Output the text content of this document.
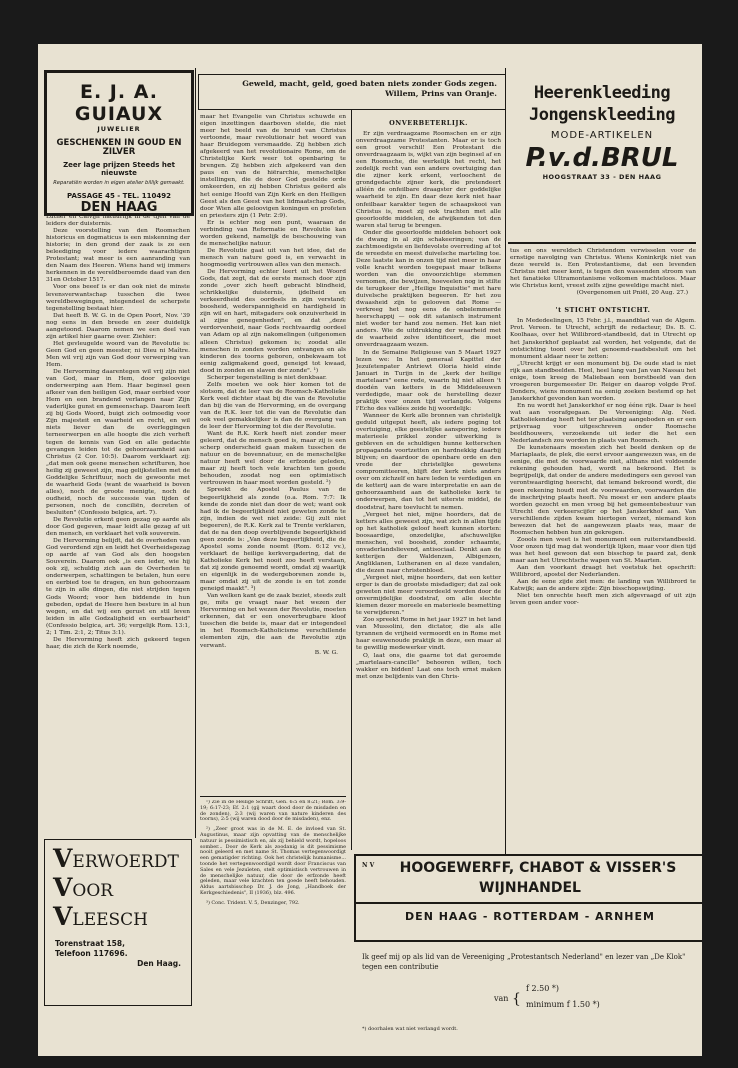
E. J. A. GUIAUX
JUWELIER
GESCHENKEN IN GOUD EN ZILVER
Zeer lage prijzen Steeds het nieuwste
Reparatiën worden in eigen atelier billijk gemaakt.
PASSAGE 45 - TEL. 110492
DEN HAAG
Geweld, macht, geld, goed baten niets zonder Gods zegen.
Willem, Prins van Oranje.

Luther en Calvijn natuurlijk in de tijen van de leiders der duisternis.

Deze voorstelling van den Roomschen historicus en dogmaticus is een miskenning der historie; in den grond der zaak is ze een beleediging voor iedere waarachtigen Protestant; wat meer is een aanranding van den Naam des Heeren. Wiens hand wij immers herkennen in de wereldberoemde daad van den 31en October 1517.

Voor ons beeef is er dan ook niet de minste levensverwantschap tusschen die twee wereldbewegingen, integendeel de scherpste tegenstelling bestaat hier.

Dat heeft B. W. G. in de Open Poort, Nov. '39 nog eens in den breede en zeer duidelijk aangetoond. Daarom nemen we een deel van zijn artikel hier gaarne over. Ziehier:

Het gevleugelde woord van de Revolutie is: Geen God en geen meester, ni Dieu ni Maître. Men wil vrij zijn van God door verwerping van Hem.

De Hervorming daarentegen wil vrij zijn niet van God, maar in Hem, door geloovige onderwerping aan Hem. Haar beginsel geen afkeer van den heiligen God, maar eerbied voor Hem en een brandend verlangen naar Zijn vaderlijke gunst en gemeenschap. Daarom leeft zij bij Gods Woord, buigt zich ootmoedig voor Zijn majesteit en waarheid en recht, en wil niets liever dan de overleggingen terneerwerpen en alle hoogte die zich verheft tegen de kennis van God en alle gedachte gevangen leiden tot de gehoorzaamheid aan Christus (2 Cor. 10:5). Daarom verklaart zij: „dat men ook geene menschen schrifturen, hoe heilig zij geweest zijn, mag gelijkstellen met de Goddelijke Schriftuur, noch de gewoonte met de waarheid Gods (want de waarheid is boven alles), noch de groote menigte, noch de oudheid, noch de successie van tijden of personen, noch de conciliën, decreten of besluiten" (Confessio belgica, art. 7).

De Revolutie erkent geen gezag op aarde als door God gegeven, maar leidt alle gezag af uit den mensch, en verklaart het volk souverein.

De Hervorming belijdt, dat de overheden van God verordend zijn en leidt het Overheidsgezag op aarde af van God als den hoogsten Souverein. Daarom ook „is een ieder, wie hij ook zij, schuldig zich aan de Overheden te onderwerpen, schattingen te betalen, hun eere en eerbied toe te dragen, en hun gehoorzaam te zijn in alle dingen, die niet strijden tegen Gods Woord; voor hen biddende in hun gebeden, opdat de Heere hen besture in al hun wegen, en dat wij een gerust en stil leven leiden in alle Godzaligheid en eerbaarheid" (Confessio belgica, art. 36; vergelijk Rom. 13:1, 2; 1 Tim. 2:1, 2; Titus 3:1).

De Hervorming heeft zich gekeerd tegen haar, die zich de Kerk noemde,

VERWOERDT
VOOR
VLEESCH
Torenstraat 158,
Telefoon 117696.
Den Haag.

maar het Evangelie van Christus schuwde en eigen inzettingen daarboven stelde, die niet meer het beeld van de bruid van Christus vertoonde, maar revolutionair het woord van haar Bruidegom versmaadde. Zij hebben zich afgekeerd van het revolutionaire Rome, om de Christelijke Kerk weer tot openbaring te brengen. Zij hebben zich afgekeerd van den paus en van de hiërarchie, menschelijke instellingen, die de door God gestelde orde omkeerden, en zij hebben Christus geëerd als het eenige Hoofd van Zijn Kerk en den Heiligen Geest als den Geest van het lidmaatschap Gods, door Wien alle geloovigen koningen en profeten en priesters zijn (1 Petr. 2:9).

Er is echter nog een punt, waaraan de verbinding van Reformatie en Revolutie kan worden gekend, namelijk de beschouwing van de menschelijke natuur.

De Revolutie gaat uit van het idee, dat de mensch van nature goed is, en verwacht in hoogmoedig vertrouwen alles van den mensch.

De Hervorming echter leert uit het Woord Gods, dat zegt, dat de eerste mensch door zijn zonde „over zich heeft gebracht blindheid, schrikkelijke duisternis, ijdelheid en verkeerdheid des oordeels in zijn verstand; boosheid, wederspannigheid en hardigheid in zijn wil en hart, mitsgaders ook onzuiverheid in al zijne genegenheden", en dat „deze verdorvenheid, naar Gods rechtvaardig oordeel van Adam op al zijn nakomelingen (uitgenomen alleen Christus) gekomen is; zoodat alle menschen in zonden worden ontvangen en als kinderen des toorns geboren, onbekwaam tot eenig zaligmakend goed, geneigd tot kwaad, dood in zonden en slaven der zonde". ¹)

Scherper tegenstelling is niet denkbaar.

Zelfs moeten we ook hier komen tot de slotsom, dat de leer van de Roomsch-Katholieke Kerk veel dichter staat bij die van de Revolutie dan bij die van de Hervorming, en de overgang van de R.K. leer tot die van de Revolutie dan ook veel gemakkelijker is dan de overgang van de leer der Hervorming tot die der Revolutie.

Want de R.K. Kerk heeft niet zonder meer geleerd, dat de mensch goed is, maar zij is een scherp onderscheid gaan maken tusschen de natuur en de bovennatuur, en de menschelijke natuur heeft wel door de erfzonde geleden, maar zij heeft toch vele krachten ten goede behouden, zoodat nog een optimistisch vertrouwen in haar moet worden gesteld. ²)

Spreekt de Apostel Paulus van de begeerlijkheid als zonde (o.a. Rom. 7:7: Ik kende de zonde niet dan door de wet; want ook had ik de begeerlijkheid niet geweten zonde te zijn, indien de wet niet zeide: Gij zult niet begeeren), de R.K. Kerk zal te Trente verklaren, dat de na den doop overblijvende begeerlijkheid geen zonde is: „Van deze begeerlijkheid, die de Apostel soms zonde noemt (Rom. 6:12 vv.), verklaart de heilige kerkvergadering, dat de Katholieke Kerk het nooit zoo heeft verstaan, dat zij zonde genoemd wordt, omdat zij waarlijk en eigenlijk in de wedergeborenen zonde is, maar omdat zij uit de zonde is en tot zonde geneigd maakt". ³)

Van welken kant ge de zaak beziet, steeds zult ge, mits ge vraagt naar het wezen der Hervorming en het wezen der Revolutie, moeten erkennen, dat er een onoverbrugbare kloof tusschen die beide is, maar dat er integendeel in het Roomsch-Katholicisme verschillende elementen zijn, die aan de Revolutie zijn verwant.

B. W. G.

¹) Zie in de Heilige Schrift, Gen. 6:5 en 8:21; Rom. 3:9-19; 6:17-23; Ef. 2:1 (gij waart dood door de misdaden en de zonden), 2:3 (wij waren van nature kinderen des toorns), 2:5 (wij waren dood door de misdaden), enz.

²) „Zeer groot was in de M. E. de invloed van St. Augustinus, maar zijn opvatting van de menschelijke natuur is pessimistisch en, als zij behield wordt, hopeloos somber... Door de Kerk als zoodanig is dit pessimisme nooit geleerd en met name St. Thomas vertegenwoordigt een gematigder richting. Ook het christelijk humanisme... toonde het vertegenwoordigd wordt door Franciscus van Sales en vele Jezuïeten, stelt optimistisch vertrouwen in de menschelijke natuur, die door de erfzonde heeft geleden, maar vele krachten ten goede heeft behouden. Aldus aartsbisschop Dr. J. de Jong, „Handboek der Kerkgeschiedenis", II (1936), blz. 496.

³) Conc. Trident. V. 5, Denzinger, 792.

ONVERBETERLIJK.

Er zijn verdraagzame Roomschen en er zijn onverdraagzame Protestanten. Maar er is toch een groot verschil! Een Protestant die onverdraagzaam is, wijkt van zijn beginsel af en een Roomsche, die werkelijk het recht, het zedelijk recht van een andere overtuiging dan die zijner kerk erkent, verloochent de grondgedachte zijner kerk, die pretendeert alléén de onfeilbare draagster der goddelijke waarheid te zijn. En daar deze kerk niet haar onfeilbaar karakter tegen de schaapskooi van Christus is, moet zij ook trachten met alle geoorloofde middelen, de afwijkenden tot den waren stal terug te brengen.

Onder die geoorloofde middelen behoort ook de dwang in al zijn schakeeringen; van de zachtmoedigste en liefdevolste overreding af tot de wreedste en meest duivelsche marteling toe. Deze laatste kan in onzen tijd niet meer in haar volle kracht worden toegepast maar telkens worden van die onvoorzichtige stemmen vernomen, die bewijzen, hoeveelen nog in stilte de terugkeer der „Heilige Inquisitie" met hare duivelsche praktijken begeeren. Er het zou dwaasheid zijn te gelooven dat Rome — verkreeg het nog eens de onbelemmerde heerschappij — ook dit satanisch instrument niet weder ter hand zou nemen. Het kan niet anders. Wie de uitdrukking der waarheid met de waarheid zelve identificeert, die moet onverdraagzaam wezen.

In de Semaine Religieuse van 5 Maart 1927 lezen we: In het generaal Kapittel der Jezuïetenpater Antriewt Oloria hield einde Januari in Turijn in de „kerk der heilige martelaars" eene rede, waarin hij niet alleen 't doodén van ketters in de Middeleeuwen verdedigde, maar ook de herstelling dezer praktijk voor onzen tijd verlangde. Volgens l'Echo des vallées zeide hij woordelijk:

Wanneer de Kerk alle bronnen van christelijk geduld uitgeput heeft, als iedere poging tot overtuiging, elke geestelijke aansporing, iedere materieele prikkel zonder uitwerking is gebleven en de schuldigen hunne ketterschen propaganda voortzetten en hardnekkig daarbij blijven; en daardoor de openbare orde en den vrede der christelijke gewetens compromitteeren, blijft der kerk niets anders over om zichzelf en hare leden te verdedigen en de ketterij aan de ware interpretatie en aan de gehoorzaamheid aan de katholieke kerk te onderwerpen, dan tot het uiterste middel, de doodstraf, hare toevlucht te nemen.

„Vergeet het niet, mijne hoorders, dat de ketters alles geweest zijn, wat zich in allen tijde op het katholiek geloof heeft kunnen storten: boosaardige, onzedelijke, afschuwelijke menschen, vol boosheid, zonder schaamte, onvaderlandslievend, antisociaal. Denkt aan de ketterijen der Waldenzen, Albigenzen, Angliklanen, Lutheranen en al deze vandalen, die dezen naar christenbloed.

„Vergeet niet, mijne hoorders, dat een ketter erger is dan de grootste misdadiger; dat zal ook geweten niet meer veroordeeld worden door de onvermijdelijke doodstraf, om alle slechte kiemen dezer moreele en materieele besmetting te verwijderen."

Zoo spreekt Rome in het jaar 1927 in het land van Mussolini, den dictator, die als alle tyrannen de vrijheid vermoordt en in Rome met haar eeuwenoude praktijk in deze, een maar al te gewillig medewerker vindt.

O, laat ons, die gaarne tot dat geroemde „martelaars-cancille" behooren willen, toch wakker en bidden! Laat ons toch ernst maken met onze belijdenis van den Chris-

Heerenkleeding
Jongenskleeding
MODE-ARTIKELEN
P.v.d.BRUL
HOOGSTRAAT 33 - DEN HAAG

tus en ons wereldsch Christendom verwisselen voor de ernstige navolging van Christus. Wiens Koninkrijk niet van deze wereld is. Een Protestantisme, dat een levenden Christus niet meer kent, is tegen den wassenden stroom van het fanatieke Ultramontanisme volkomen machteloos. Maar wie Christus kent, vreest zelfs zijne geweldige macht niet.

(Overgenomen uit Pniël, 20 Aug. 27.)

't STICHT ONTSTICHT.

In Mededeelingen, 15 Febr. j.l., maandblad van de Algem. Prot. Vereen. te Utrecht, schrijft de redacteur, Ds. B. C. Koolhaas, over het Willibrord-standbeeld, dat in Utrecht op het Janskerkhof geplaatst zal worden, het volgende, dat de ontstichting toont over het genoemd-raadsbesluit om het monument aldaar neer te zetten:

„Utrecht krijgt er een monument bij. De oude stad is niet rijk aan standbeelden. Heel, heel lang van Jan van Nassau het enige, toen kreeg de Maliebaan een borstbeeld van den vroegeren burgemeester Dr. Reiger en daarop volgde Prof. Donders, wiens monument na eenig zoeken bestemd op het Janskerkhof gevonden kan worden.

En nu wordt het Janskerkhof er nog ééne rijk. Daar is heel wat aan voorafgegaan. De Vereeniging: Alg. Ned. Katholiekendag heeft het ter plaatsing aangeboden en er een prijsvraag voor uitgeschreven onder Roomsche beeldhouwers, verzoekende uit ieder die het een Nederlandsch zou worden in plaats van Roomsch.

De kunstenaars moesten zich het beeld denken op de Mariaplaats, de plek, die eerst ervoor aangewezen was, en de eenige, die met de voorwaarde niet, althans niet voldoende rekening gehouden had, wordt na bekroond. Het is begrijpelijk, dat onder de andere mededingers een gevoel van verontwaardiging heerscht, dat iemand bekroond wordt, die geen rekening houdt met de voorwaarden, voorwaarden die de inschrijving plaats heeft. Nu moest er een andere plaats worden gezocht en men vroeg bij het gemeentebestuur van Utrecht den verkeerscijfer op het Janskerkhof aan. Van verschillende zijden kwam hiertegen verzet, niemand kon bewezen dat het de aangewezen plaats was, maar de Roomschen hebben hun zin gekregen.

Zoools men weet is het monument een ruiterstandbeeld. Voor onzen tijd mag dat wonderlijk lijken, maar voor dien tijd was het heel gewoon dat een bisschop te paard zat, denk maar aan het Utrechtsche wapen van St. Maarten.

Aan den voorkant draagt het voetstuk het opschrift: Willibrord, apostel der Nederlanden.

Aan de eene zijde ziet men: de landing van Willibrord te Katwijk; aan de andere zijde: Zijn bisschopswijding.

Niet ten onrechte heeft men zich afgevraagd of uit zijn leven geen ander voor-

N V	HOOGEWERFF, CHABOT & VISSER'S
WIJNHANDEL
DEN HAAG - ROTTERDAM - ARNHEM
Ik geef mij op als lid van de Vereeniging „Protestantsch Nederland" en lezer van „De Klok" tegen een contributie
van {
f 2.50 *)
minimum f 1.50 *)
*) doorhalen wat niet verlangd wordt.
